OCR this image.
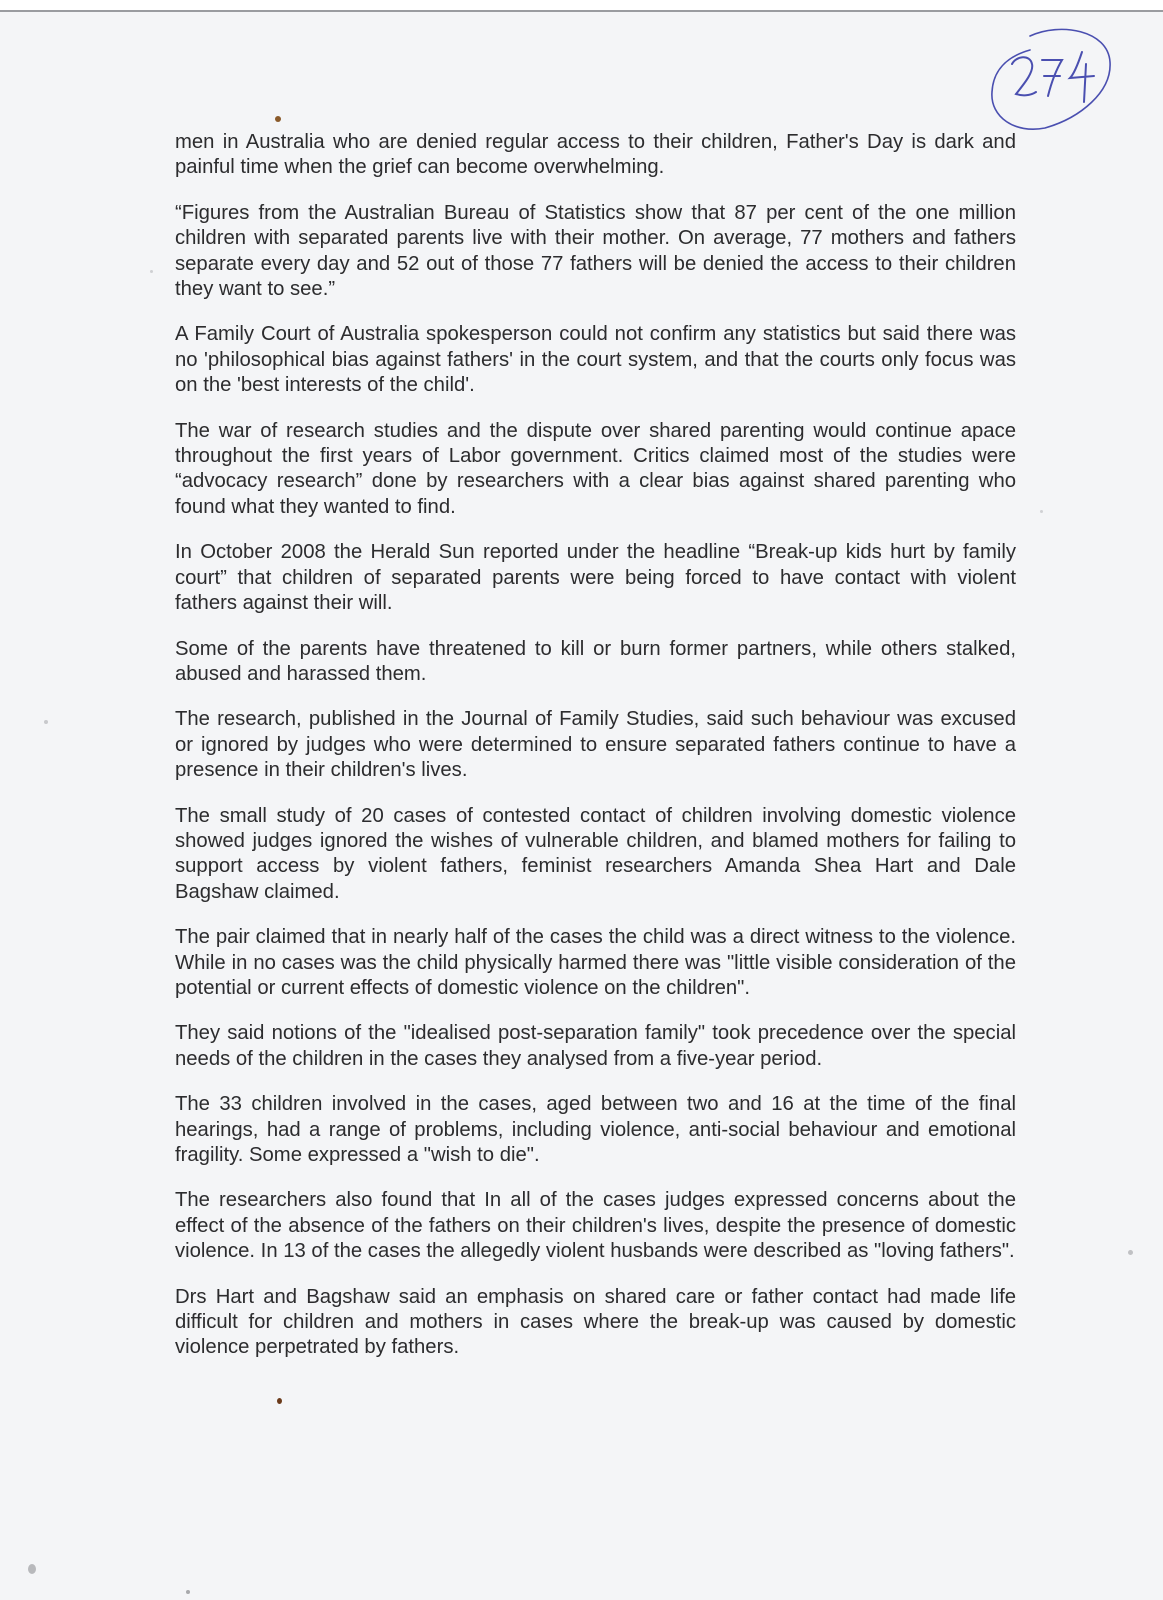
men in Australia who are denied regular access to their children, Father's Day is dark and painful time when the grief can become overwhelming.

“Figures from the Australian Bureau of Statistics show that 87 per cent of the one million children with separated parents live with their mother. On average, 77 mothers and fathers separate every day and 52 out of those 77 fathers will be denied the access to their children they want to see.”

A Family Court of Australia spokesperson could not confirm any statistics but said there was no 'philosophical bias against fathers' in the court system, and that the courts only focus was on the 'best interests of the child'.

The war of research studies and the dispute over shared parenting would continue apace throughout the first years of Labor government. Critics claimed most of the studies were “advocacy research” done by researchers with a clear bias against shared parenting who found what they wanted to find.

In October 2008 the Herald Sun reported under the headline “Break-up kids hurt by family court” that children of separated parents were being forced to have contact with violent fathers against their will.

Some of the parents have threatened to kill or burn former partners, while others stalked, abused and harassed them.

The research, published in the Journal of Family Studies, said such behaviour was excused or ignored by judges who were determined to ensure separated fathers continue to have a presence in their children's lives.

The small study of 20 cases of contested contact of children involving domestic violence showed judges ignored the wishes of vulnerable children, and blamed mothers for failing to support access by violent fathers, feminist researchers Amanda Shea Hart and Dale Bagshaw claimed.

The pair claimed that in nearly half of the cases the child was a direct witness to the violence. While in no cases was the child physically harmed there was "little visible consideration of the potential or current effects of domestic violence on the children".

They said notions of the "idealised post-separation family" took precedence over the special needs of the children in the cases they analysed from a five-year period.

The 33 children involved in the cases, aged between two and 16 at the time of the final hearings, had a range of problems, including violence, anti-social behaviour and emotional fragility. Some expressed a "wish to die".

The researchers also found that In all of the cases judges expressed concerns about the effect of the absence of the fathers on their children's lives, despite the presence of domestic violence. In 13 of the cases the allegedly violent husbands were described as "loving fathers".

Drs Hart and Bagshaw said an emphasis on shared care or father contact had made life difficult for children and mothers in cases where the break-up was caused by domestic violence perpetrated by fathers.
